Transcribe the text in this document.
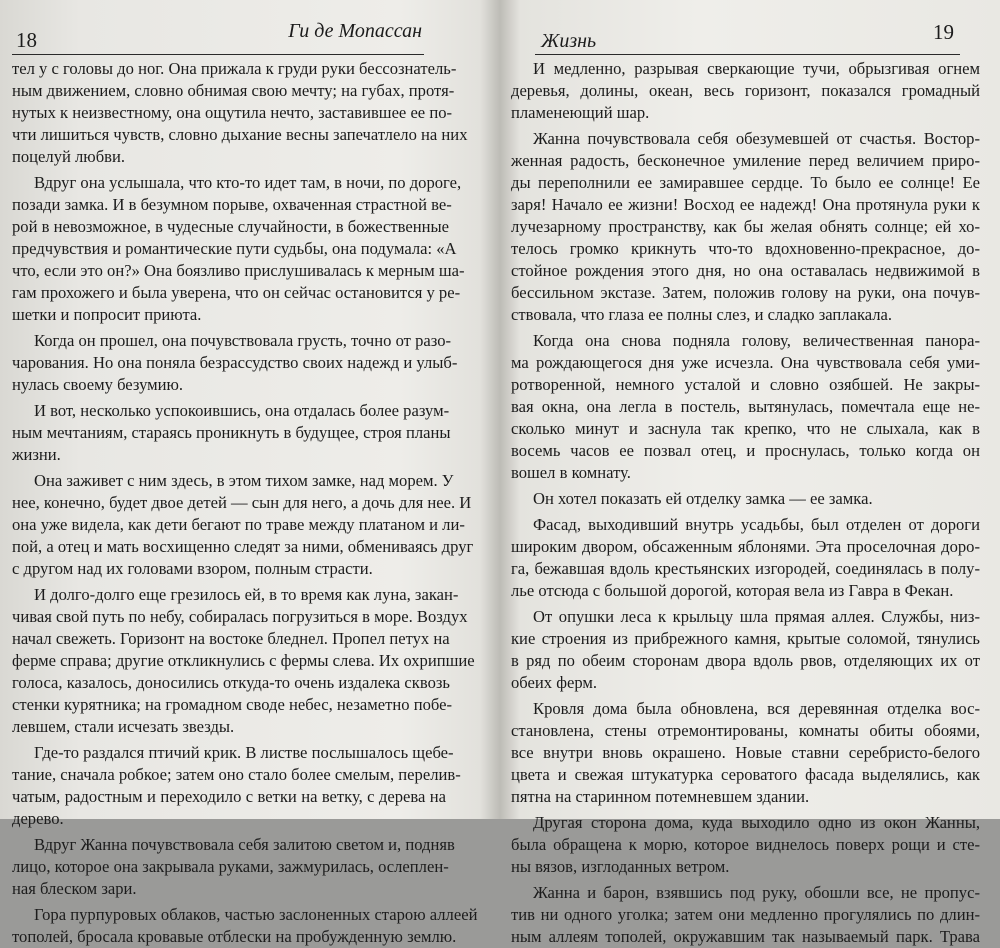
18	Ги де Мопассан
тел у с головы до ног. Она прижала к груди руки бессознатель-
ным движением, словно обнимая свою мечту; на губах, протя-
нутых к неизвестному, она ощутила нечто, заставившее ее по-
чти лишиться чувств, словно дыхание весны запечатлело на них
поцелуй любви.
Вдруг она услышала, что кто-то идет там, в ночи, по дороге,
позади замка. И в безумном порыве, охваченная страстной ве-
рой в невозможное, в чудесные случайности, в божественные
предчувствия и романтические пути судьбы, она подумала: «А
что, если это он?» Она боязливо прислушивалась к мерным ша-
гам прохожего и была уверена, что он сейчас остановится у ре-
шетки и попросит приюта.
Когда он прошел, она почувствовала грусть, точно от разо-
чарования. Но она поняла безрассудство своих надежд и улыб-
нулась своему безумию.
И вот, несколько успокоившись, она отдалась более разум-
ным мечтаниям, стараясь проникнуть в будущее, строя планы
жизни.
Она заживет с ним здесь, в этом тихом замке, над морем. У
нее, конечно, будет двое детей — сын для него, а дочь для нее. И
она уже видела, как дети бегают по траве между платаном и ли-
пой, а отец и мать восхищенно следят за ними, обмениваясь друг
с другом над их головами взором, полным страсти.
И долго-долго еще грезилось ей, в то время как луна, закан-
чивая свой путь по небу, собиралась погрузиться в море. Воздух
начал свежеть. Горизонт на востоке бледнел. Пропел петух на
ферме справа; другие откликнулись с фермы слева. Их охрипшие
голоса, казалось, доносились откуда-то очень издалека сквозь
стенки курятника; на громадном своде небес, незаметно побе-
левшем, стали исчезать звезды.
Где-то раздался птичий крик. В листве послышалось щебе-
тание, сначала робкое; затем оно стало более смелым, перелив-
чатым, радостным и переходило с ветки на ветку, с дерева на
дерево.
Вдруг Жанна почувствовала себя залитою светом и, подняв
лицо, которое она закрывала руками, зажмурилась, ослеплен-
ная блеском зари.
Гора пурпуровых облаков, частью заслоненных старою аллеей
тополей, бросала кровавые отблески на пробужденную землю.
Жизнь	19
И медленно, разрывая сверкающие тучи, обрызгивая огнем
деревья, долины, океан, весь горизонт, показался громадный
пламенеющий шар.
Жанна почувствовала себя обезумевшей от счастья. Востор-
женная радость, бесконечное умиление перед величием приро-
ды переполнили ее замиравшее сердце. То было ее солнце! Ее
заря! Начало ее жизни! Восход ее надежд! Она протянула руки к
лучезарному пространству, как бы желая обнять солнце; ей хо-
телось громко крикнуть что-то вдохновенно-прекрасное, до-
стойное рождения этого дня, но она оставалась недвижимой в
бессильном экстазе. Затем, положив голову на руки, она почув-
ствовала, что глаза ее полны слез, и сладко заплакала.
Когда она снова подняла голову, величественная панора-
ма рождающегося дня уже исчезла. Она чувствовала себя уми-
ротворенной, немного усталой и словно озябшей. Не закры-
вая окна, она легла в постель, вытянулась, помечтала еще не-
сколько минут и заснула так крепко, что не слыхала, как в
восемь часов ее позвал отец, и проснулась, только когда он
вошел в комнату.
Он хотел показать ей отделку замка — ее замка.
Фасад, выходивший внутрь усадьбы, был отделен от дороги
широким двором, обсаженным яблонями. Эта проселочная доро-
га, бежавшая вдоль крестьянских изгородей, соединялась в полу-
лье отсюда с большой дорогой, которая вела из Гавра в Фекан.
От опушки леса к крыльцу шла прямая аллея. Службы, низ-
кие строения из прибрежного камня, крытые соломой, тянулись
в ряд по обеим сторонам двора вдоль рвов, отделяющих их от
обеих ферм.
Кровля дома была обновлена, вся деревянная отделка вос-
становлена, стены отремонтированы, комнаты обиты обоями,
все внутри вновь окрашено. Новые ставни серебристо-белого
цвета и свежая штукатурка сероватого фасада выделялись, как
пятна на старинном потемневшем здании.
Другая сторона дома, куда выходило одно из окон Жанны,
была обращена к морю, которое виднелось поверх рощи и сте-
ны вязов, изглоданных ветром.
Жанна и барон, взявшись под руку, обошли все, не пропус-
тив ни одного уголка; затем они медленно прогулялись по длин-
ным аллеям тополей, окружавшим так называемый парк. Трава
